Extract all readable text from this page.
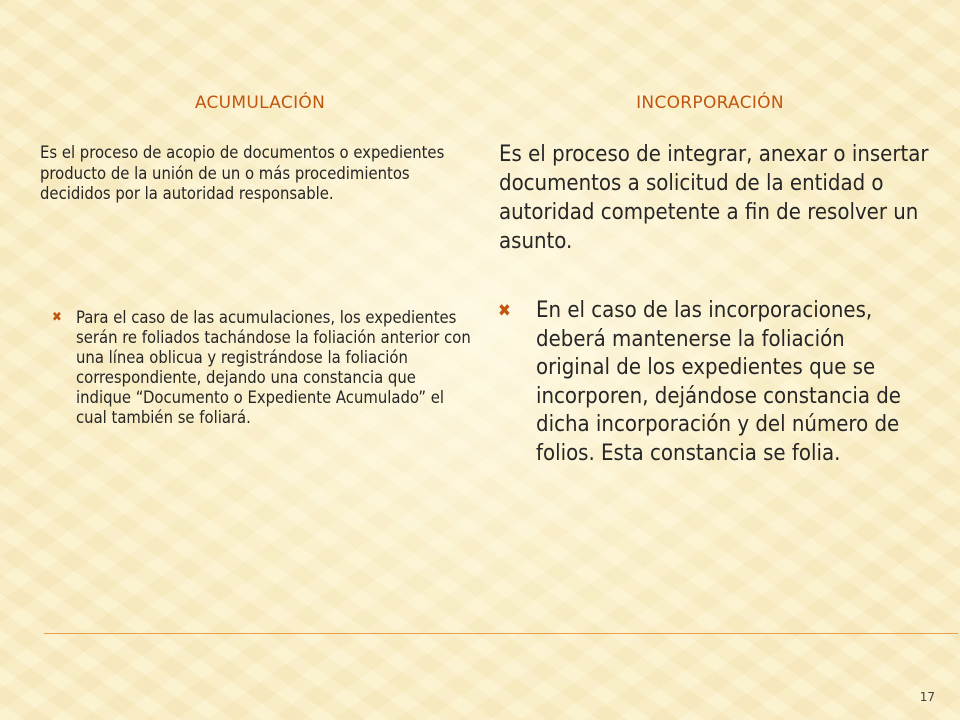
ACUMULACIÓN

Es el proceso de acopio de documentos o expedientes producto de la unión de un o más procedimientos decididos por la autoridad responsable.

✖ Para el caso de las acumulaciones, los expedientes serán re foliados tachándose la foliación anterior con una línea oblicua y registrándose la foliación correspondiente, dejando una constancia que indique “Documento o Expediente Acumulado” el cual también se foliará.
INCORPORACIÓN

Es el proceso de integrar, anexar o insertar documentos a solicitud de la entidad o autoridad competente a fin de resolver un asunto.

✖	En el caso de las incorporaciones, deberá mantenerse la foliación original de los expedientes que se incorporen, dejándose constancia de dicha incorporación y del número de folios. Esta constancia se folia.
17
